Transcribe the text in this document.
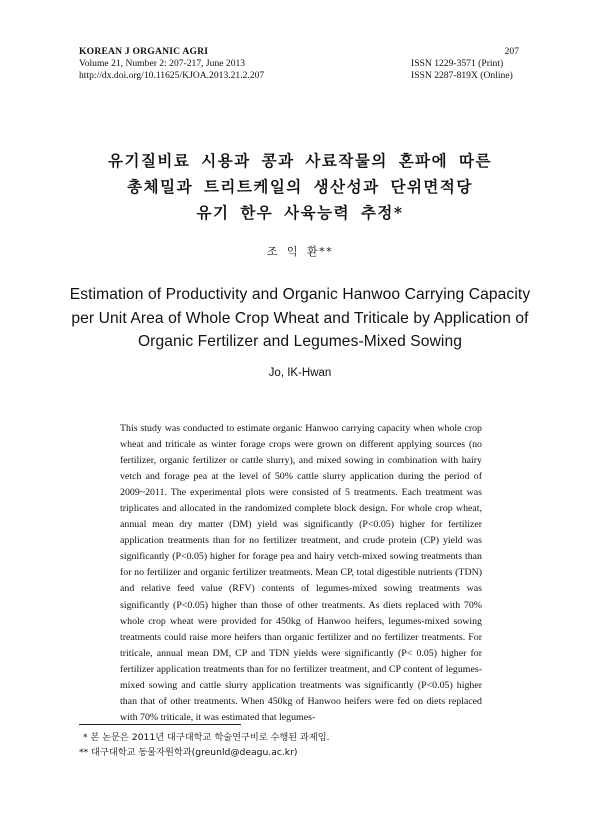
KOREAN J ORGANIC AGRI	207
Volume 21, Number 2: 207-217, June 2013	ISSN 1229-3571 (Print)
http://dx.doi.org/10.11625/KJOA.2013.21.2.207	ISSN 2287-819X (Online)
유기질비료 시용과 콩과 사료작물의 혼파에 따른
총체밀과 트리트케일의 생산성과 단위면적당
유기 한우 사육능력 추정*
조 익 환**
Estimation of Productivity and Organic Hanwoo Carrying Capacity
per Unit Area of Whole Crop Wheat and Triticale by Application of
Organic Fertilizer and Legumes-Mixed Sowing
Jo, IK-Hwan
This study was conducted to estimate organic Hanwoo carrying capacity when whole crop wheat and triticale as winter forage crops were grown on different applying sources (no fertilizer, organic fertilizer or cattle slurry), and mixed sowing in combination with hairy vetch and forage pea at the level of 50% cattle slurry application during the period of 2009~2011. The experimental plots were consisted of 5 treatments. Each treatment was triplicates and allocated in the randomized complete block design. For whole crop wheat, annual mean dry matter (DM) yield was significantly (P<0.05) higher for fertilizer application treatments than for no fertilizer treatment, and crude protein (CP) yield was significantly (P<0.05) higher for forage pea and hairy vetch-mixed sowing treatments than for no fertilizer and organic fertilizer treatments. Mean CP, total digestible nutrients (TDN) and relative feed value (RFV) contents of legumes-mixed sowing treatments was significantly (P<0.05) higher than those of other treatments. As diets replaced with 70% whole crop wheat were provided for 450kg of Hanwoo heifers, legumes-mixed sowing treatments could raise more heifers than organic fertilizer and no fertilizer treatments. For triticale, annual mean DM, CP and TDN yields were significantly (P< 0.05) higher for fertilizer application treatments than for no fertilizer treatment, and CP content of legumes-mixed sowing and cattle slurry application treatments was significantly (P<0.05) higher than that of other treatments. When 450kg of Hanwoo heifers were fed on diets replaced with 70% triticale, it was estimated that legumes-
* 본 논문은 2011년 대구대학교 학술연구비로 수행된 과제임.
** 대구대학교 동물자원학과(greunld@deagu.ac.kr)
